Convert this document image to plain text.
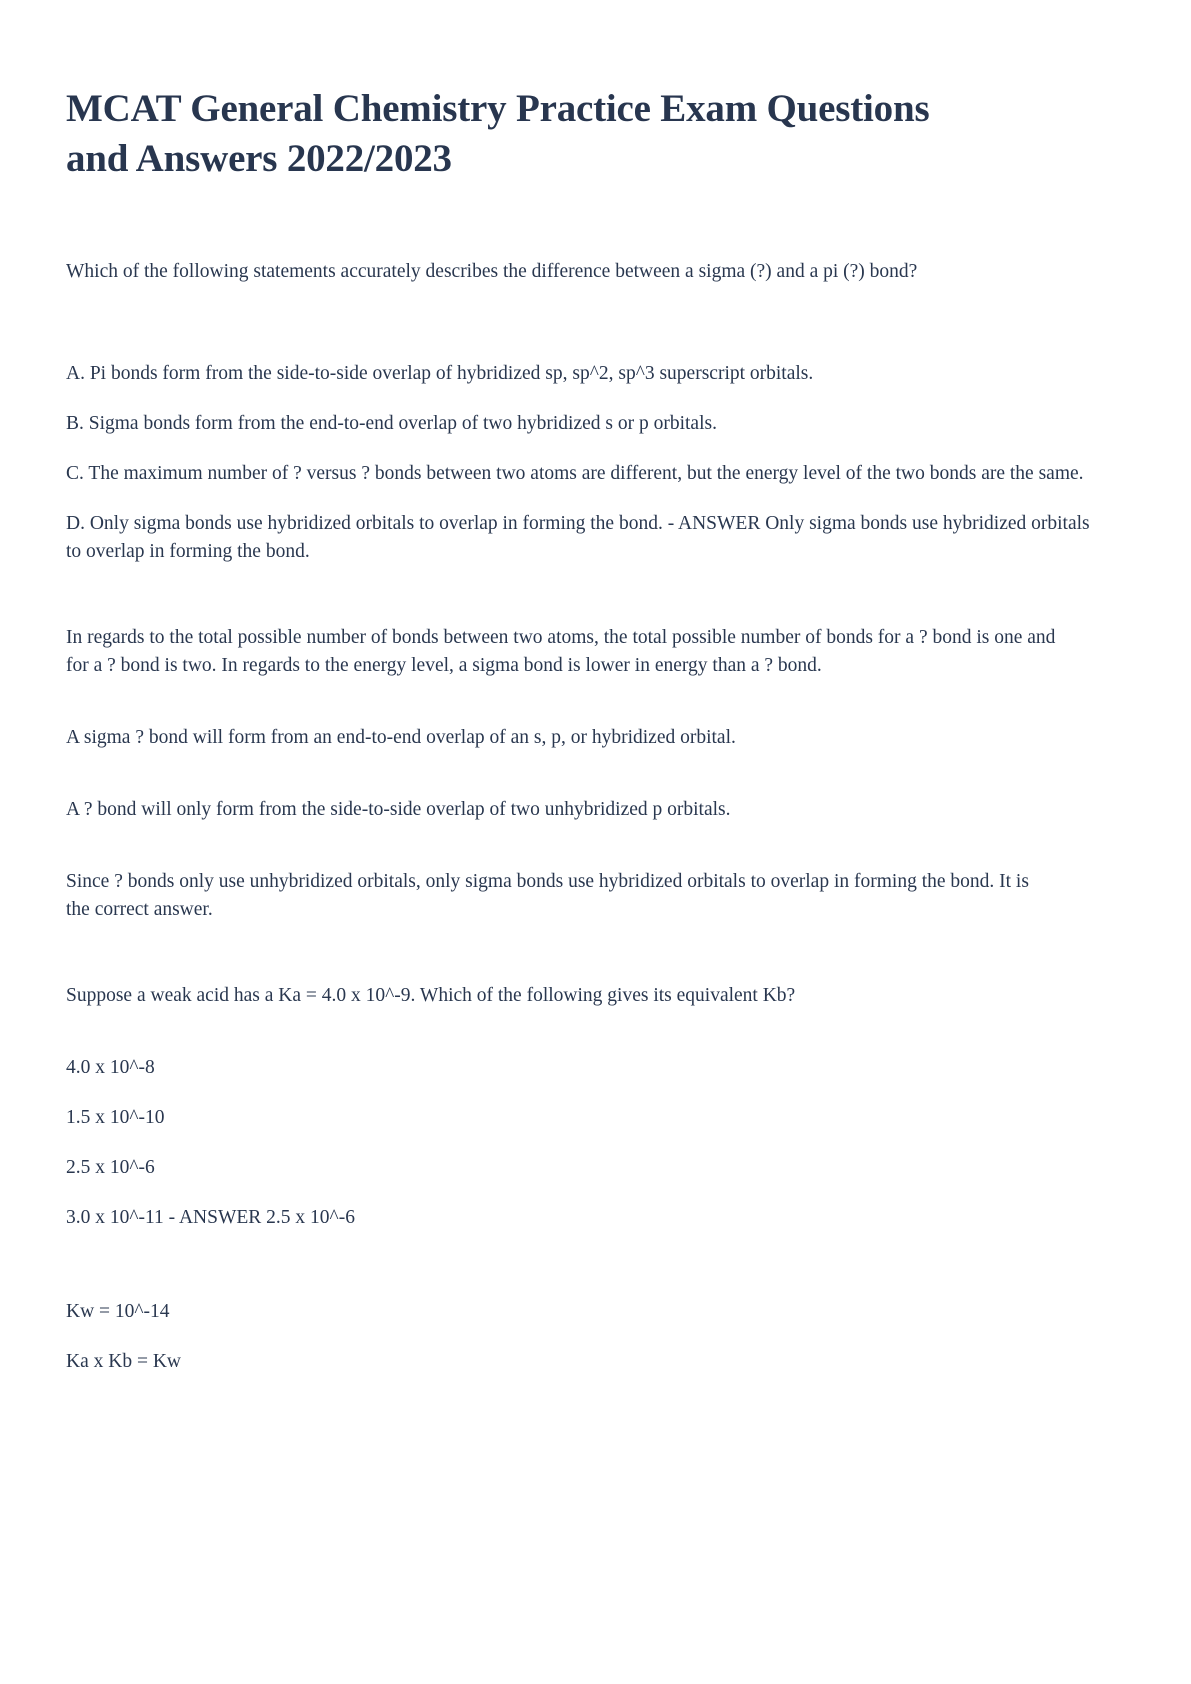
MCAT General Chemistry Practice Exam Questions and Answers 2022/2023
Which of the following statements accurately describes the difference between a sigma (?) and a pi (?) bond?
A. Pi bonds form from the side-to-side overlap of hybridized sp, sp^2, sp^3 superscript orbitals.
B. Sigma bonds form from the end-to-end overlap of two hybridized s or p orbitals.
C. The maximum number of ? versus ? bonds between two atoms are different, but the energy level of the two bonds are the same.
D. Only sigma bonds use hybridized orbitals to overlap in forming the bond. - ANSWER Only sigma bonds use hybridized orbitals to overlap in forming the bond.
In regards to the total possible number of bonds between two atoms, the total possible number of bonds for a ? bond is one and for a ? bond is two. In regards to the energy level, a sigma bond is lower in energy than a ? bond.
A sigma ? bond will form from an end-to-end overlap of an s, p, or hybridized orbital.
A ? bond will only form from the side-to-side overlap of two unhybridized p orbitals.
Since ? bonds only use unhybridized orbitals, only sigma bonds use hybridized orbitals to overlap in forming the bond. It is the correct answer.
Suppose a weak acid has a Ka = 4.0 x 10^-9. Which of the following gives its equivalent Kb?
4.0 x 10^-8
1.5 x 10^-10
2.5 x 10^-6
3.0 x 10^-11 - ANSWER 2.5 x 10^-6
Kw = 10^-14
Ka x Kb = Kw
